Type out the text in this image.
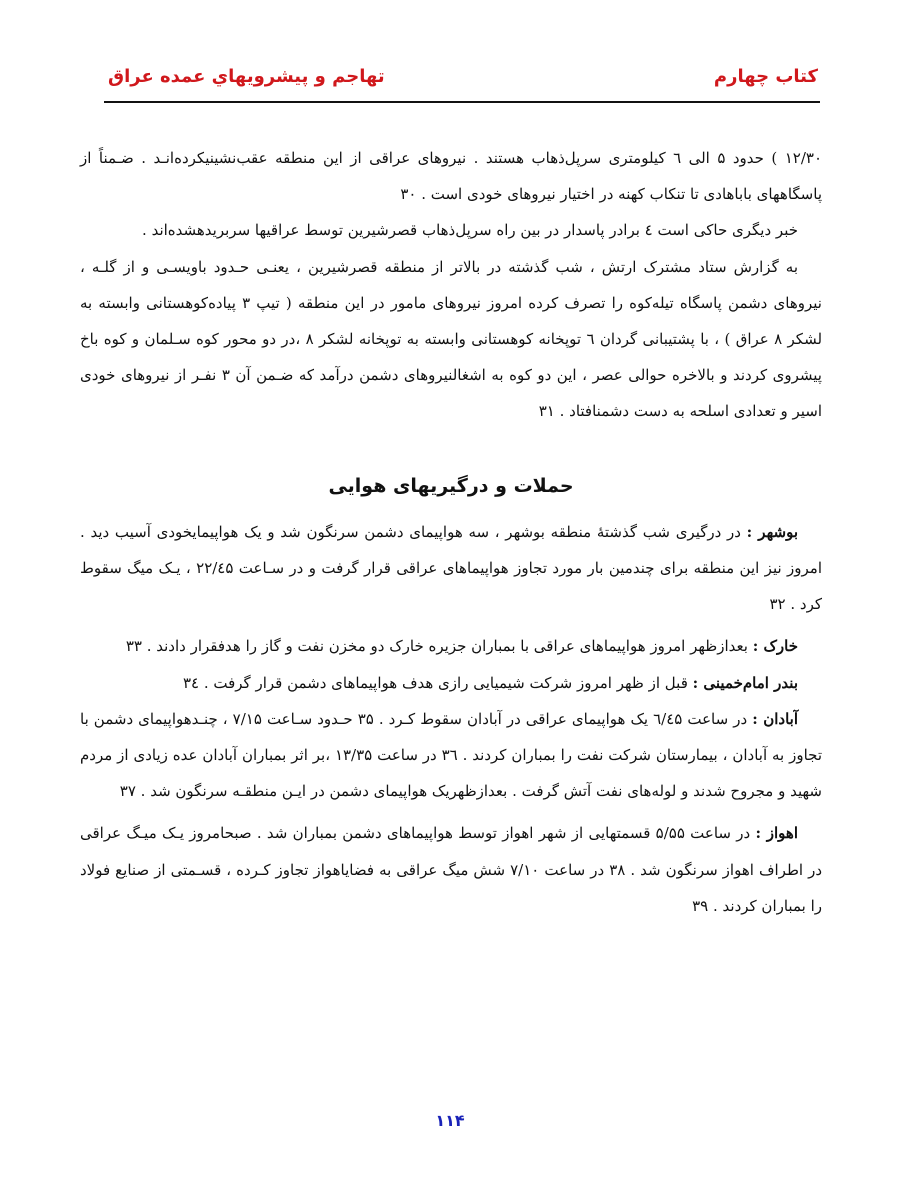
تهاجم و پیشرویهاي عمده عراق	کتاب چهارم

۱۲/۳۰ ) حدود ۵ الی ٦ کیلومتری سرپل‌ذهاب هستند . نیروهای عراقی از این منطقه عقب‌نشینیکرده‌انـد . ضـمناً از پاسگاههای باباهادی تا تنکاب کهنه در اختیار نیروهای خودی است . ۳۰

خبر دیگری حاکی است ٤ برادر پاسدار در بین راه سرپل‌ذهاب قصرشیرین توسط عراقیها سربریدهشده‌اند .

به گزارش ستاد مشترک ارتش ، شب گذشته در بالاتر از منطقه قصرشیرین ، یعنـی حـدود باویسـی و از گلـه ، نیروهای دشمن پاسگاه تیله‌کوه را تصرف کرده امروز نیروهای مامور در این منطقه ( تیپ ۳ پیاده‌کوهستانی وابسته به لشکر ۸ عراق ) ، با پشتیبانی گردان ٦ توپخانه کوهستانی وابسته به توپخانه لشکر ۸ ،در دو محور کوه سـلمان و کوه باخ پیشروی کردند و بالاخره حوالی عصر ، این دو کوه به اشغالنیروهای دشمن درآمد که ضـمن آن ۳ نفـر از نیروهای خودی اسیر و تعدادی اسلحه به دست دشمنافتاد . ۳۱

حملات و درگیریهای هوایی

بوشهر : در درگیری شب گذشتۀ منطقه بوشهر ، سه هواپیمای دشمن سرنگون شد و یک هواپیمایخودی آسیب دید . امروز نیز این منطقه برای چندمین بار مورد تجاوز هواپیماهای عراقی قرار گرفت و در سـاعت ۲۲/٤۵ ، یـک میگ سقوط کرد . ۳۲

خارک : بعدازظهر امروز هواپیماهای عراقی با بمباران جزیره خارک دو مخزن نفت و گاز را هدفقرار دادند . ۳۳

بندر امام‌خمینی : قبل از ظهر امروز شرکت شیمیایی رازی هدف هواپیماهای دشمن قرار گرفت . ۳٤

آبادان : در ساعت ٦/٤۵ یک هواپیمای عراقی در آبادان سقوط کـرد . ۳۵ حـدود سـاعت ۷/۱۵ ، چنـدهواپیمای دشمن با تجاوز به آبادان ، بیمارستان شرکت نفت را بمباران کردند . ۳٦ در ساعت ۱۳/۳۵ ،بر اثر بمباران آبادان عده زیادی از مردم شهید و مجروح شدند و لوله‌های نفت آتش گرفت . بعدازظهریک هواپیمای دشمن در ایـن منطقـه سرنگون شد . ۳۷

اهواز : در ساعت ۵/۵۵ قسمتهایی از شهر اهواز توسط هواپیماهای دشمن بمباران شد . صبحامروز یـک میـگ عراقی در اطراف اهواز سرنگون شد . ۳۸ در ساعت ۷/۱۰ شش میگ عراقی به فضایاهواز تجاوز کـرده ، قسـمتی از صنایع فولاد را بمباران کردند . ۳۹

۱۱۴
